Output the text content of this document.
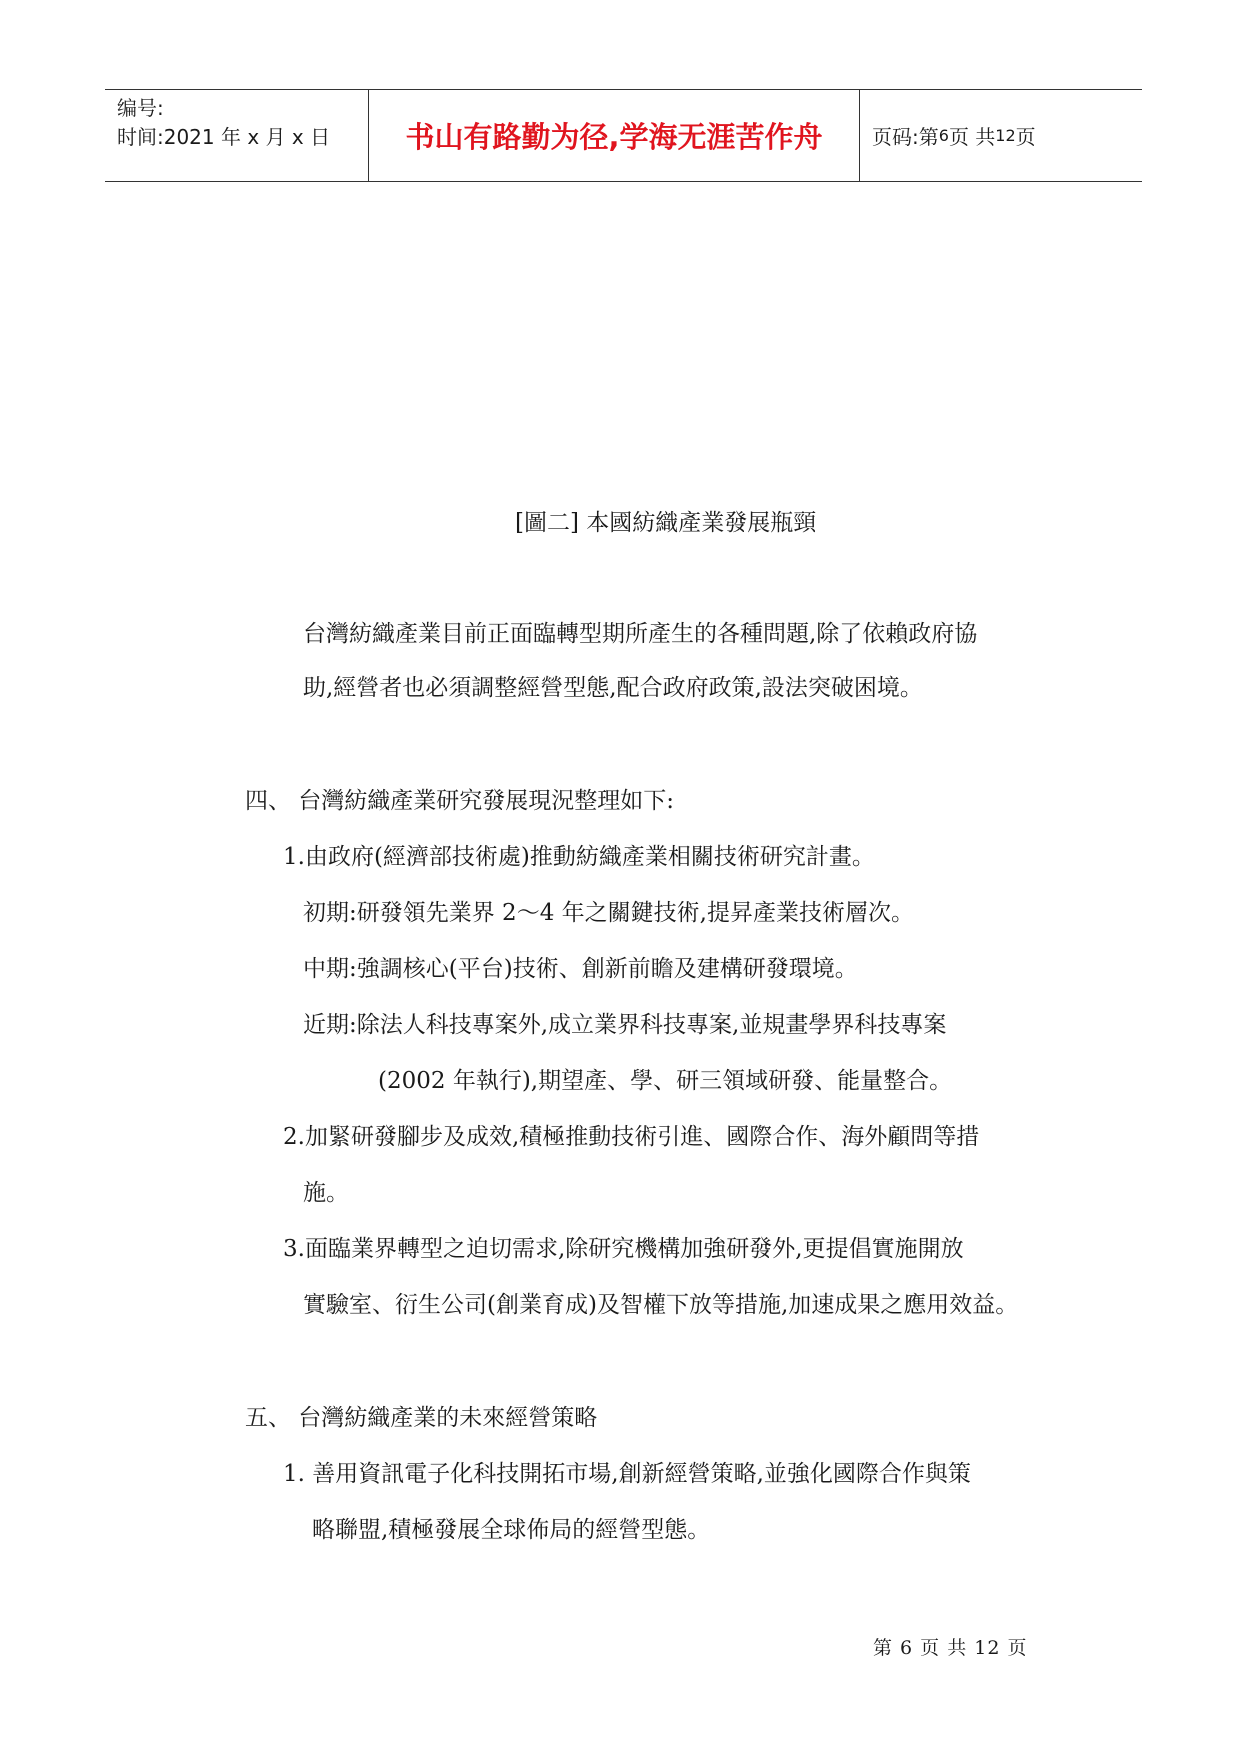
编号:
时间:2021 年 x 月 x 日	书山有路勤为径,学海无涯苦作舟 页码:第 6 页 共 12 页
[圖二] 本國紡織產業發展瓶頸
台灣紡織產業目前正面臨轉型期所產生的各種問題,除了依賴政府協
助,經營者也必須調整經營型態,配合政府政策,設法突破困境。
四、 台灣紡織產業研究發展現況整理如下:
1.由政府(經濟部技術處)推動紡織產業相關技術研究計畫。
初期:研發領先業界 2～4 年之關鍵技術,提昇產業技術層次。
中期:強調核心(平台)技術、創新前瞻及建構研發環境。
近期:除法人科技專案外,成立業界科技專案,並規畫學界科技專案
(2002 年執行),期望產、學、研三領域研發、能量整合。
2.加緊研發腳步及成效,積極推動技術引進、國際合作、海外顧問等措
施。
3.面臨業界轉型之迫切需求,除研究機構加強研發外,更提倡實施開放
實驗室、衍生公司(創業育成)及智權下放等措施,加速成果之應用效益。
五、 台灣紡織產業的未來經營策略
1. 善用資訊電子化科技開拓市場,創新經營策略,並強化國際合作與策
略聯盟,積極發展全球佈局的經營型態。
第 6 页 共 12 页
